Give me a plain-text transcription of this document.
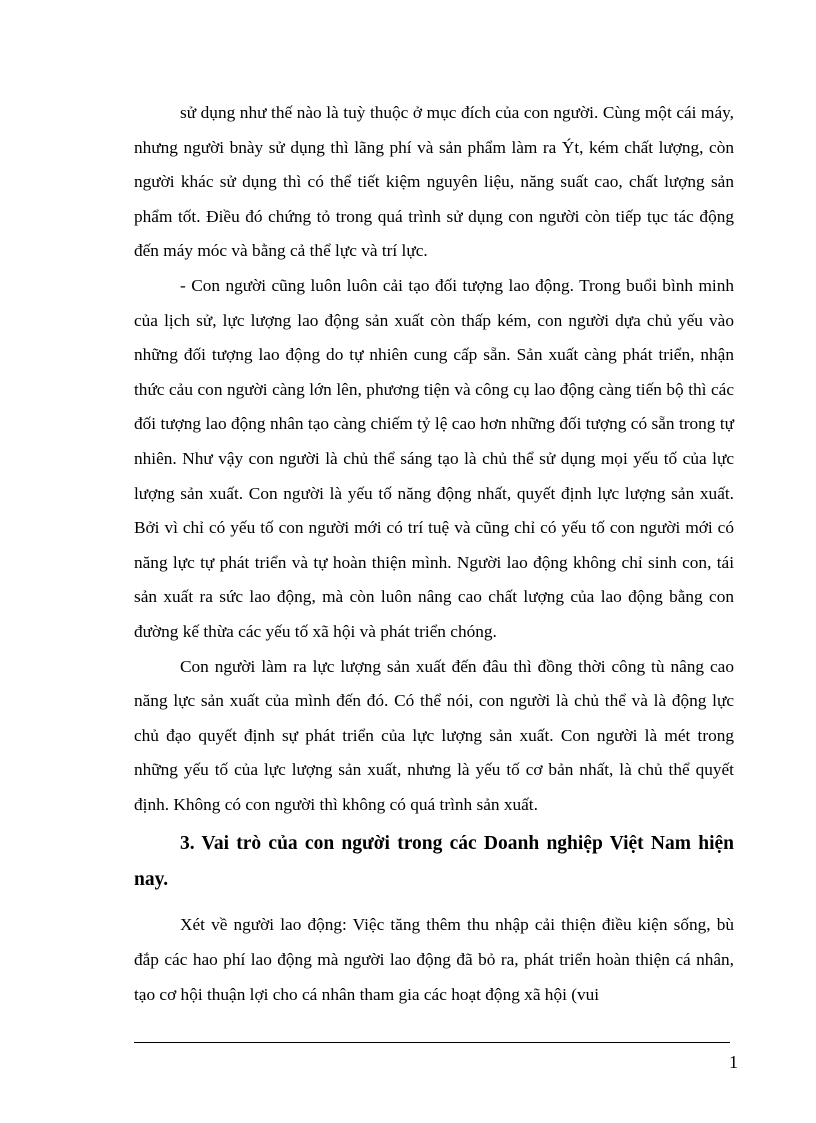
sử dụng như thế nào là tuỳ thuộc ở mục đích của con người. Cùng một cái máy, nhưng người bnày sử dụng thì lãng phí và sản phẩm làm ra Ýt, kém chất lượng, còn người khác sử dụng thì có thể tiết kiệm nguyên liệu, năng suất cao, chất lượng sản phẩm tốt. Điều đó chứng tỏ trong quá trình sử dụng con người còn tiếp tục tác động đến máy móc và bằng cả thể lực và trí lực.

- Con người cũng luôn luôn cải tạo đối tượng lao động. Trong buổi bình minh của lịch sử, lực lượng lao động sản xuất còn thấp kém, con người dựa chủ yếu vào những đối tượng lao động do tự nhiên cung cấp sẵn. Sản xuất càng phát triển, nhận thức cảu con người càng lớn lên, phương tiện và công cụ lao động càng tiến bộ thì các đối tượng lao động nhân tạo càng chiếm tỷ lệ cao hơn những đối tượng có sẵn trong tự nhiên. Như vậy con người là chủ thể sáng tạo là chủ thể sử dụng mọi yếu tố của lực lượng sản xuất. Con người là yếu tố năng động nhất, quyết định lực lượng sản xuất. Bởi vì chỉ có yếu tố con người mới có trí tuệ và cũng chỉ có yếu tố con người mới có năng lực tự phát triển và tự hoàn thiện mình. Người lao động không chỉ sinh con, tái sản xuất ra sức lao động, mà còn luôn nâng cao chất lượng của lao động bằng con đường kế thừa các yếu tố xã hội và phát triển chóng.

Con người làm ra lực lượng sản xuất đến đâu thì đồng thời công tù nâng cao năng lực sản xuất của mình đến đó. Có thể nói, con người là chủ thể và là động lực chủ đạo quyết định sự phát triển của lực lượng sản xuất. Con người là mét trong những yếu tố của lực lượng sản xuất, nhưng là yếu tố cơ bản nhất, là chủ thể quyết định. Không có con người thì không có quá trình sản xuất.

3. Vai trò của con người trong các Doanh nghiệp Việt Nam hiện nay.

Xét về người lao động: Việc tăng thêm thu nhập cải thiện điều kiện sống, bù đắp các hao phí lao động mà người lao động đã bỏ ra, phát triển hoàn thiện cá nhân, tạo cơ hội thuận lợi cho cá nhân tham gia các hoạt động xã hội (vui

1
